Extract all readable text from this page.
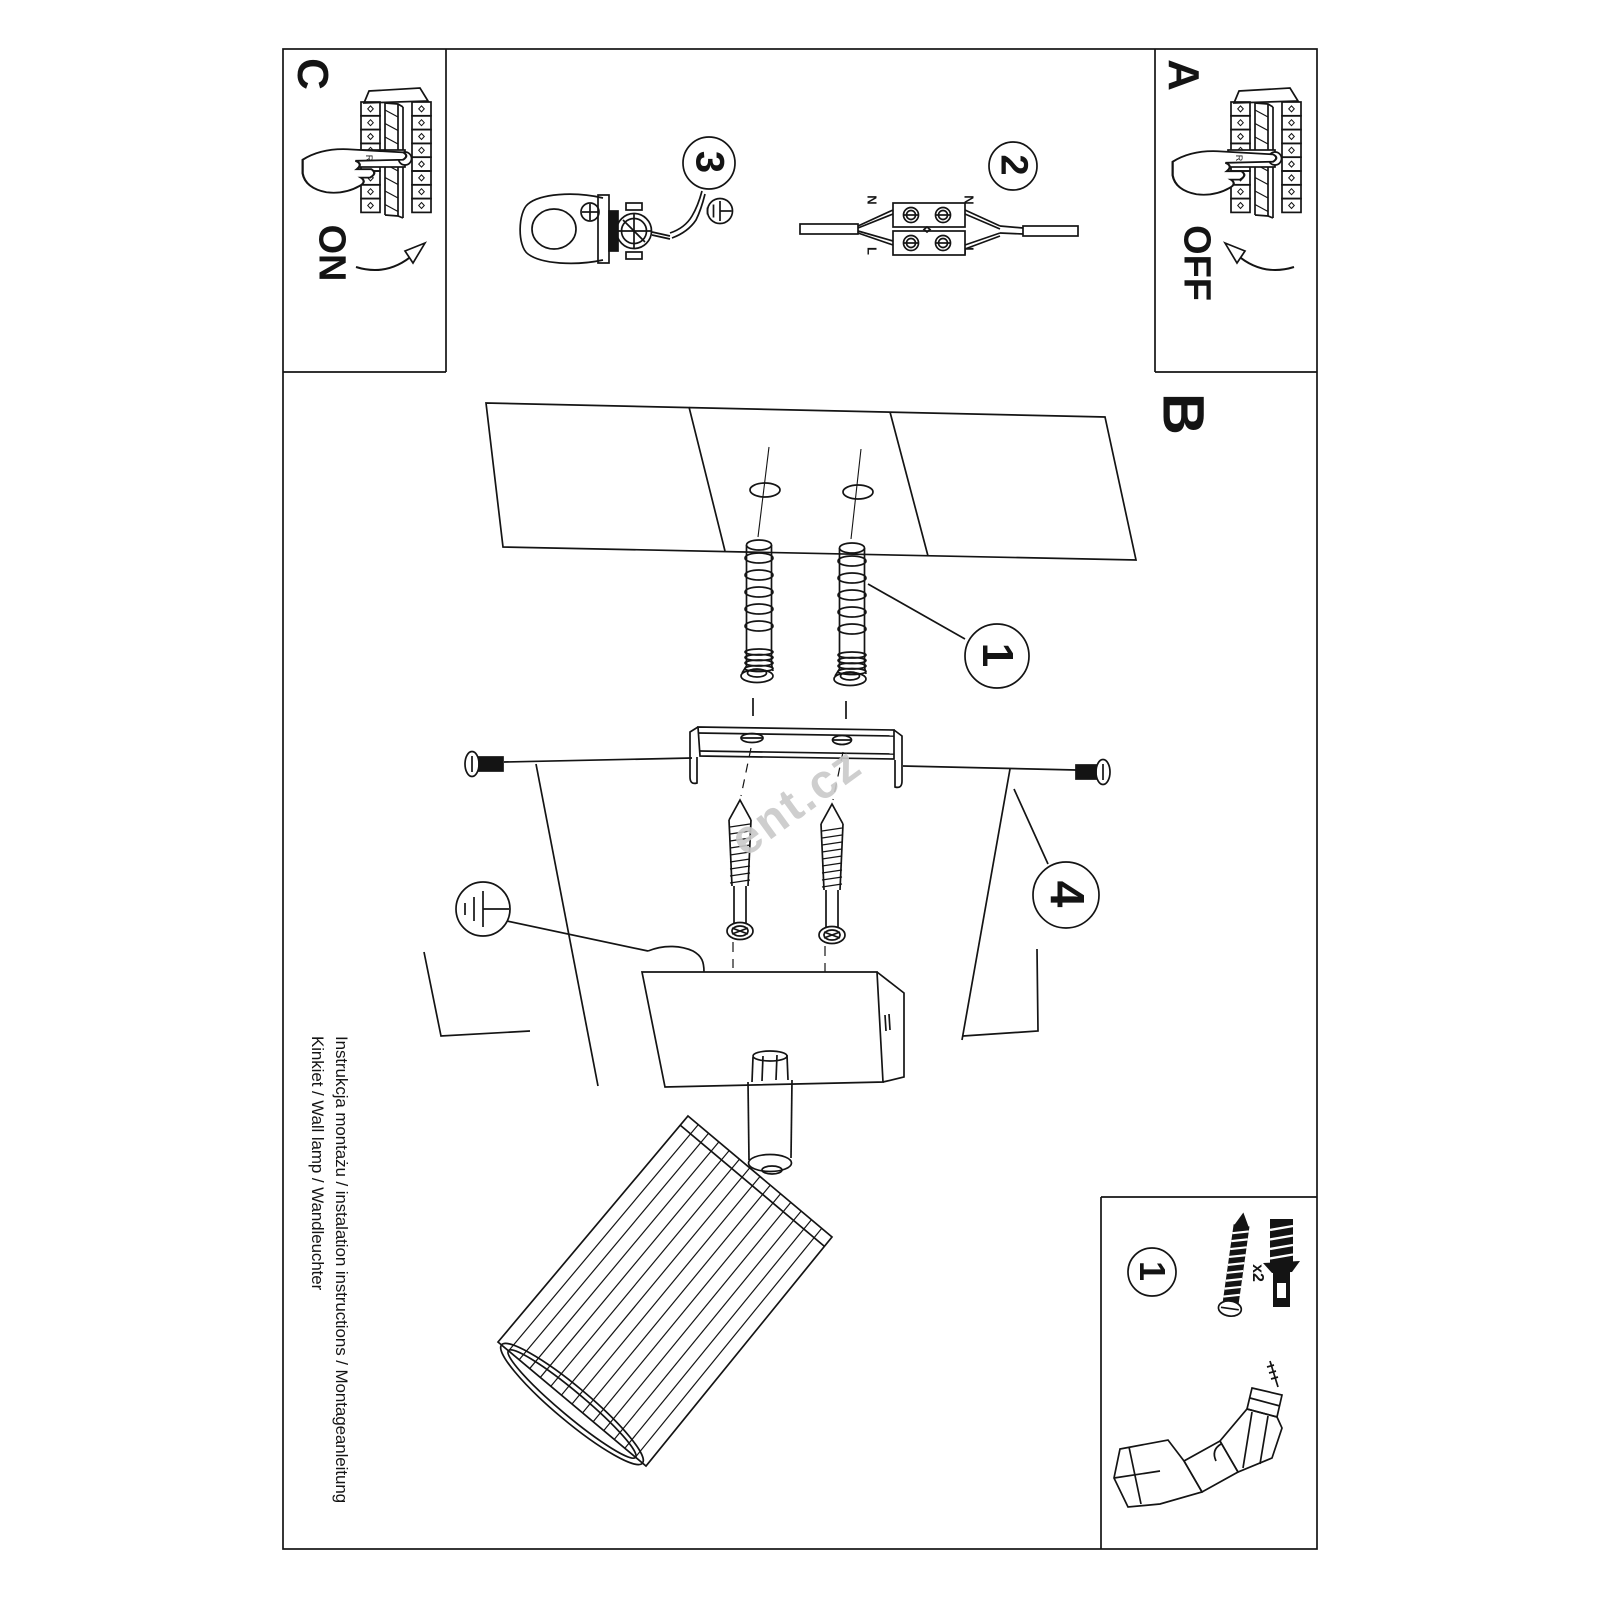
C	A
B
ON	OFF
R	R
3	2
1
4
1	x2
N	N
L	L
ent.cz
Instrukcja montażu / instalation instructions / Montageanleitung
Kinkiet / Wall lamp / Wandleuchter
